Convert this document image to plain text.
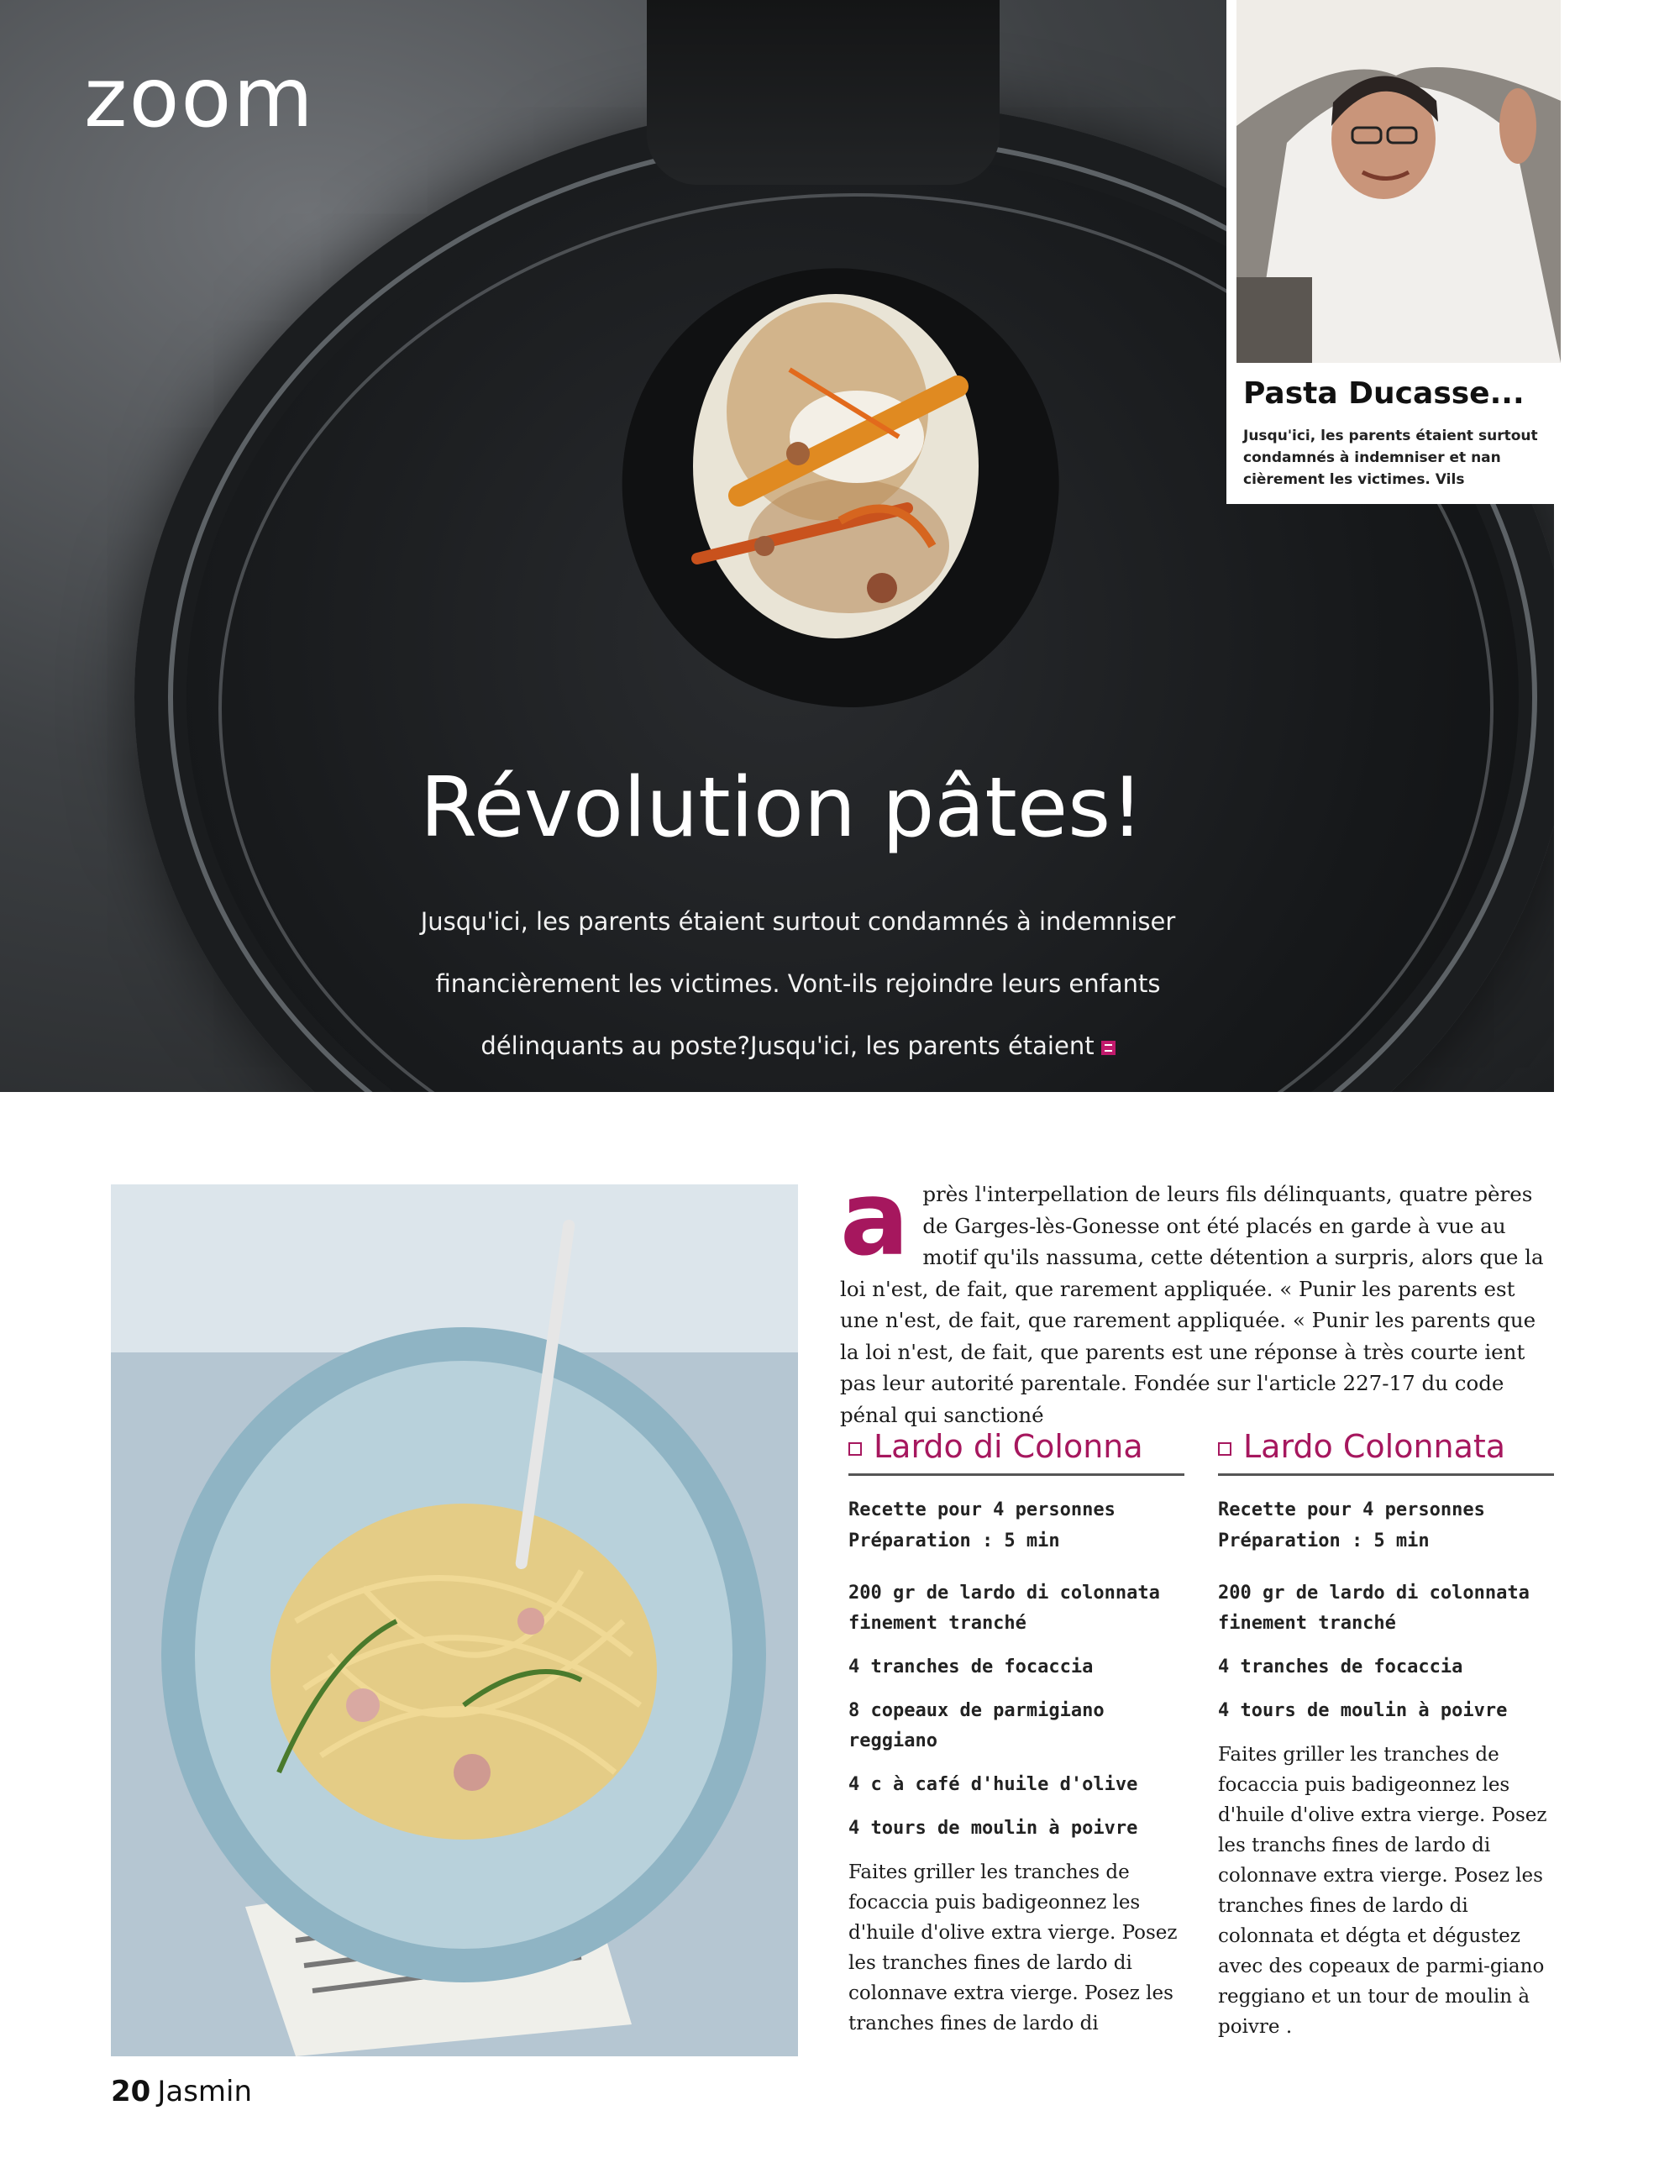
zoom
Révolution pâtes!
Jusqu'ici, les parents étaient surtout condamnés à indemniser financièrement les victimes. Vont-ils rejoindre leurs enfants délinquants au poste?Jusqu'ici, les parents étaient
Pasta Ducasse...
Jusqu'ici, les parents étaient surtout condamnés à indemniser et nan cièrement les victimes. Vils
après l'interpellation de leurs fils délinquants, quatre pères de Garges-lès-Gonesse ont été placés en garde à vue au motif qu'ils nassuma, cette détention a surpris, alors que la loi n'est, de fait, que rarement appliquée. « Punir les parents est une n'est, de fait, que rarement appliquée. « Punir les parents que la loi n'est, de fait, que parents est une réponse à très courte ient pas leur autorité parentale. Fondée sur l'article 227-17 du code pénal qui sanctioné
Lardo di Colonna
Recette pour 4 personnes
Préparation : 5 min
200 gr de lardo di colonnata finement tranché
4 tranches de focaccia
8 copeaux de parmigiano reggiano
4 c à café d'huile d'olive
4 tours de moulin à poivre
Faites griller les tranches de focaccia puis badigeonnez les d'huile d'olive extra vierge. Posez les tranches fines de lardo di colonnave extra vierge. Posez les tranches fines de lardo di
Lardo Colonnata
Recette pour 4 personnes
Préparation : 5 min
200 gr de lardo di colonnata finement tranché
4 tranches de focaccia
4 tours de moulin à poivre
Faites griller les tranches de focaccia puis badigeonnez les d'huile d'olive extra vierge. Posez les tranchs fines de lardo di colonnave extra vierge. Posez les tranches fines de lardo di colonnata et dégta et dégustez avec des copeaux de parmi-giano reggiano et un tour de moulin à poivre .
20 Jasmin
